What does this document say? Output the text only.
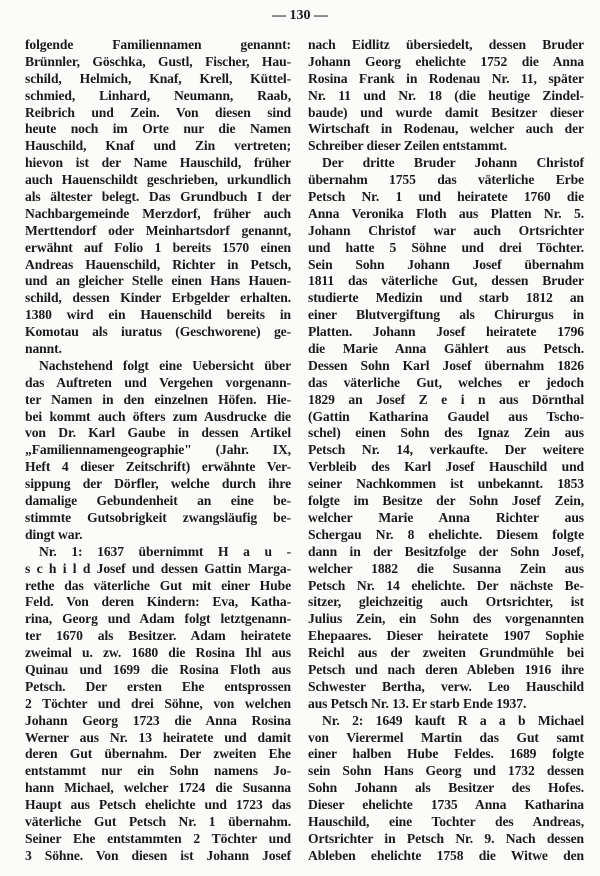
— 130 —
folgende Familiennamen genannt:
Brünnler, Göschka, Gustl, Fischer, Hau-
schild, Helmich, Knaf, Krell, Küttel-
schmied, Linhard, Neumann, Raab,
Reibrich und Zein. Von diesen sind
heute noch im Orte nur die Namen
Hauschild, Knaf und Zin vertreten;
hievon ist der Name Hauschild, früher
auch Hauenschildt geschrieben, urkundlich
als ältester belegt. Das Grundbuch I der
Nachbargemeinde Merzdorf, früher auch
Merttendorf oder Meinhartsdorf genannt,
erwähnt auf Folio 1 bereits 1570 einen
Andreas Hauenschild, Richter in Petsch,
und an gleicher Stelle einen Hans Hauen-
schild, dessen Kinder Erbgelder erhalten.
1380 wird ein Hauenschild bereits in
Komotau als iuratus (Geschworene) ge-
nannt.
Nachstehend folgt eine Uebersicht über
das Auftreten und Vergehen vorgenann-
ter Namen in den einzelnen Höfen. Hie-
bei kommt auch öfters zum Ausdrucke die
von Dr. Karl Gaube in dessen Artikel
„Familiennamengeographie" (Jahr. IX,
Heft 4 dieser Zeitschrift) erwähnte Ver-
sippung der Dörfler, welche durch ihre
damalige Gebundenheit an eine be-
stimmte Gutsobrigkeit zwangsläufig be-
dingt war.
Nr. 1: 1637 übernimmt H a u -
s c h i l d Josef und dessen Gattin Marga-
rethe das väterliche Gut mit einer Hube
Feld. Von deren Kindern: Eva, Katha-
rina, Georg und Adam folgt letztgenann-
ter 1670 als Besitzer. Adam heiratete
zweimal u. zw. 1680 die Rosina Ihl aus
Quinau und 1699 die Rosina Floth aus
Petsch. Der ersten Ehe entsprossen
2 Töchter und drei Söhne, von welchen
Johann Georg 1723 die Anna Rosina
Werner aus Nr. 13 heiratete und damit
deren Gut übernahm. Der zweiten Ehe
entstammt nur ein Sohn namens Jo-
hann Michael, welcher 1724 die Susanna
Haupt aus Petsch ehelichte und 1723 das
väterliche Gut Petsch Nr. 1 übernahm.
Seiner Ehe entstammten 2 Töchter und
3 Söhne. Von diesen ist Johann Josef
nach Eidlitz übersiedelt, dessen Bruder
Johann Georg ehelichte 1752 die Anna
Rosina Frank in Rodenau Nr. 11, später
Nr. 11 und Nr. 18 (die heutige Zindel-
baude) und wurde damit Besitzer dieser
Wirtschaft in Rodenau, welcher auch der
Schreiber dieser Zeilen entstammt.
Der dritte Bruder Johann Christof
übernahm 1755 das väterliche Erbe
Petsch Nr. 1 und heiratete 1760 die
Anna Veronika Floth aus Platten Nr. 5.
Johann Christof war auch Ortsrichter
und hatte 5 Söhne und drei Töchter.
Sein Sohn Johann Josef übernahm
1811 das väterliche Gut, dessen Bruder
studierte Medizin und starb 1812 an
einer Blutvergiftung als Chirurgus in
Platten. Johann Josef heiratete 1796
die Marie Anna Gählert aus Petsch.
Dessen Sohn Karl Josef übernahm 1826
das väterliche Gut, welches er jedoch
1829 an Josef Z e i n aus Dörnthal
(Gattin Katharina Gaudel aus Tscho-
schel) einen Sohn des Ignaz Zein aus
Petsch Nr. 14, verkaufte. Der weitere
Verbleib des Karl Josef Hauschild und
seiner Nachkommen ist unbekannt. 1853
folgte im Besitze der Sohn Josef Zein,
welcher Marie Anna Richter aus
Schergau Nr. 8 ehelichte. Diesem folgte
dann in der Besitzfolge der Sohn Josef,
welcher 1882 die Susanna Zein aus
Petsch Nr. 14 ehelichte. Der nächste Be-
sitzer, gleichzeitig auch Ortsrichter, ist
Julius Zein, ein Sohn des vorgenannten
Ehepaares. Dieser heiratete 1907 Sophie
Reichl aus der zweiten Grundmühle bei
Petsch und nach deren Ableben 1916 ihre
Schwester Bertha, verw. Leo Hauschild
aus Petsch Nr. 13. Er starb Ende 1937.
Nr. 2: 1649 kauft R a a b Michael
von Vierermel Martin das Gut samt
einer halben Hube Feldes. 1689 folgte
sein Sohn Hans Georg und 1732 dessen
Sohn Johann als Besitzer des Hofes.
Dieser ehelichte 1735 Anna Katharina
Hauschild, eine Tochter des Andreas,
Ortsrichter in Petsch Nr. 9. Nach dessen
Ableben ehelichte 1758 die Witwe den
